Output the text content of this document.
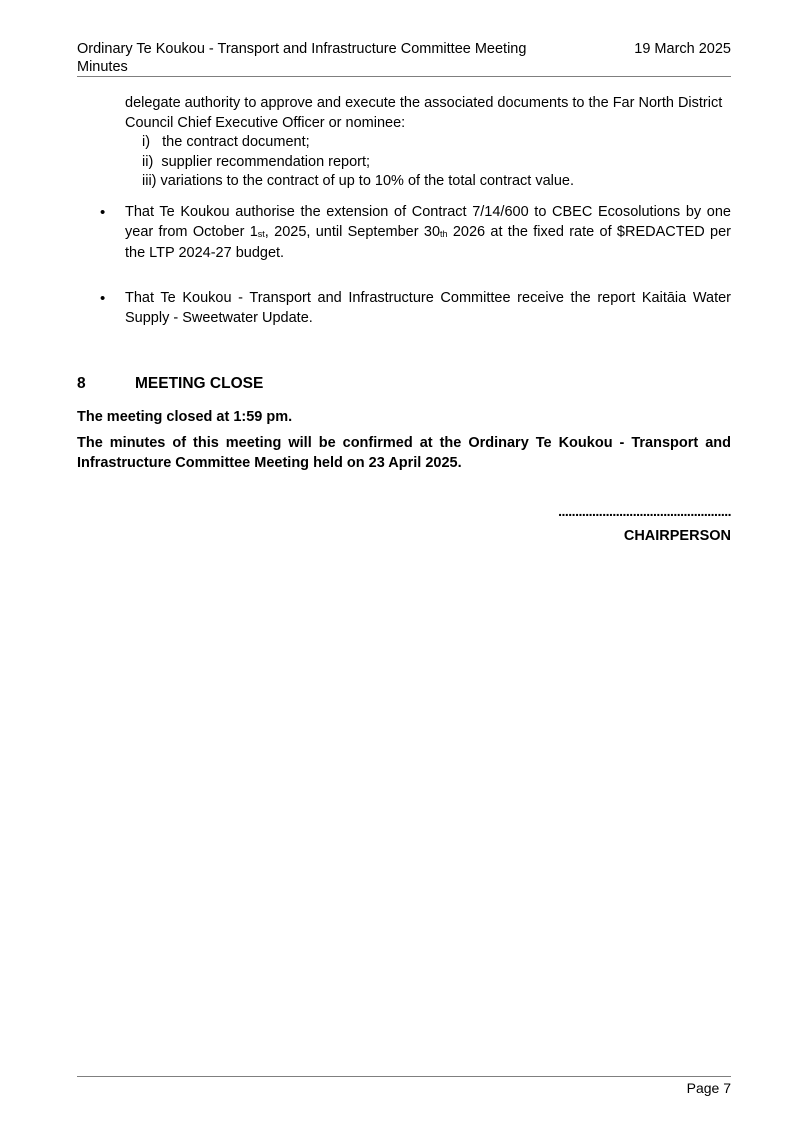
Ordinary Te Koukou - Transport and Infrastructure Committee Meeting Minutes
19 March 2025
delegate authority to approve and execute the associated documents to the Far North District Council Chief Executive Officer or nominee:
i)   the contract document;
ii)  supplier recommendation report;
iii) variations to the contract of up to 10% of the total contract value.
• That Te Koukou authorise the extension of Contract 7/14/600 to CBEC Ecosolutions by one year from October $1_{st}$, 2025, until September $30_{th}$ 2026 at the fixed rate of $REDACTED per the LTP 2024-27 budget.
• That Te Koukou - Transport and Infrastructure Committee receive the report Kaitāia Water Supply - Sweetwater Update.
8	MEETING CLOSE
The meeting closed at 1:59 pm.
The minutes of this meeting will be confirmed at the Ordinary Te Koukou - Transport and Infrastructure Committee Meeting held on 23 April 2025.
...................................................
CHAIRPERSON
Page 7
